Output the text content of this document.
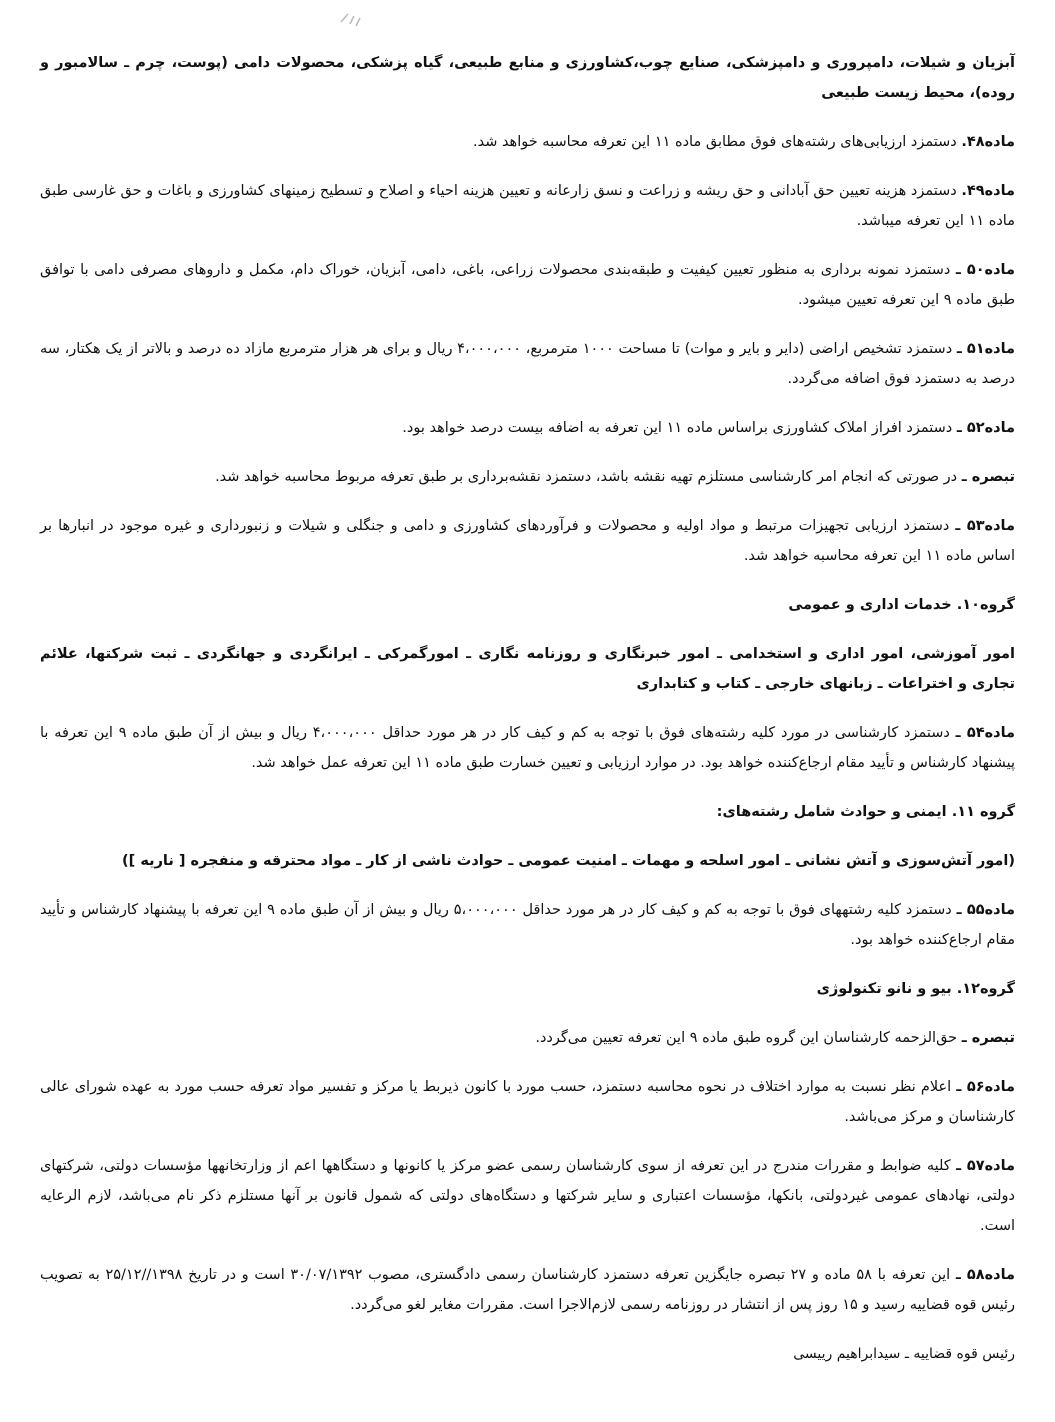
آبزیان و شیلات، دامپروری و دامپزشکی، صنایع چوب،کشاورزی و منابع طبیعی، گیاه پزشکی، محصولات دامی (پوست، چرم ـ سالامبور و روده)، محیط زیست طبیعی

ماده۴۸. دستمزد ارزیابی‌های رشته‌های فوق مطابق ماده ۱۱ این تعرفه محاسبه خواهد شد.

ماده۴۹. دستمزد هزینه تعیین حق آبادانی و حق ریشه و زراعت و نسق زارعانه و تعیین هزینه احیاء و اصلاح و تسطیح زمینهای کشاورزی و باغات و حق غارسی طبق ماده ۱۱ این تعرفه میباشد.

ماده۵۰ ـ دستمزد نمونه برداری به منظور تعیین کیفیت و طبقه‌بندی محصولات زراعی، باغی، دامی، آبزیان، خوراک دام، مکمل و داروهای مصرفی دامی با توافق طبق ماده ۹ این تعرفه تعیین میشود.

ماده۵۱ ـ دستمزد تشخیص اراضی (دایر و بایر و موات) تا مساحت ۱۰۰۰ مترمربع، ۴،۰۰۰،۰۰۰ ریال و برای هر هزار مترمربع مازاد ده درصد و بالاتر از یک هکتار، سه درصد به دستمزد فوق اضافه می‌گردد.

ماده۵۲ ـ دستمزد افراز املاک کشاورزی براساس ماده ۱۱ این تعرفه به اضافه بیست درصد خواهد بود.

تبصره ـ در صورتی که انجام امر کارشناسی مستلزم تهیه نقشه باشد، دستمزد نقشه‌برداری بر طبق تعرفه مربوط محاسبه خواهد شد.

ماده۵۳ ـ دستمزد ارزیابی تجهیزات مرتبط و مواد اولیه و محصولات و فرآوردهای کشاورزی و دامی و جنگلی و شیلات و زنبورداری و غیره موجود در انبارها بر اساس ماده ۱۱ این تعرفه محاسبه خواهد شد.

گروه۱۰. خدمات اداری و عمومی

امور آموزشی، امور اداری و استخدامی ـ امور خبرنگاری و روزنامه نگاری ـ امورگمرکی ـ ایرانگردی و جهانگردی ـ ثبت شرکتها، علائم تجاری و اختراعات ـ زبانهای خارجی ـ کتاب و کتابداری

ماده۵۴ ـ دستمزد کارشناسی در مورد کلیه رشته‌های فوق با توجه به کم و کیف کار در هر مورد حداقل ۴،۰۰۰،۰۰۰ ریال و بیش از آن طبق ماده ۹ این تعرفه با پیشنهاد کارشناس و تأیید مقام ارجاع‌کننده خواهد بود. در موارد ارزیابی و تعیین خسارت طبق ماده ۱۱ این تعرفه عمل خواهد شد.

گروه ۱۱. ایمنی و حوادث شامل رشته‌های:

(امور آتش‌سوزی و آتش نشانی ـ امور اسلحه و مهمات ـ امنیت عمومی ـ حوادث ناشی از کار ـ مواد محترقه و منفجره [ ناریه ])

ماده۵۵ ـ دستمزد کلیه رشتههای فوق با توجه به کم و کیف کار در هر مورد حداقل ۵،۰۰۰،۰۰۰ ریال و بیش از آن طبق ماده ۹ این تعرفه با پیشنهاد کارشناس و تأیید مقام ارجاع‌کننده خواهد بود.

گروه۱۲. بیو و نانو تکنولوژی

تبصره ـ حق‌الزحمه کارشناسان این گروه طبق ماده ۹ این تعرفه تعیین می‌گردد.

ماده۵۶ ـ اعلام نظر نسبت به موارد اختلاف در نحوه محاسبه دستمزد، حسب مورد با کانون ذیربط یا مرکز و تفسیر مواد تعرفه حسب مورد به عهده شورای عالی کارشناسان و مرکز می‌باشد.

ماده۵۷ ـ کلیه ضوابط و مقررات مندرج در این تعرفه از سوی کارشناسان رسمی عضو مرکز یا کانونها و دستگاهها اعم از وزارتخانهها مؤسسات دولتی، شرکتهای دولتی، نهادهای عمومی غیردولتی، بانکها، مؤسسات اعتباری و سایر شرکتها و دستگاه‌های دولتی که شمول قانون بر آنها مستلزم ذکر نام می‌باشد، لازم الرعایه است.

ماده۵۸ ـ این تعرفه با ۵۸ ماده و ۲۷ تبصره جایگزین تعرفه دستمزد کارشناسان رسمی دادگستری، مصوب ۳۰/۰۷/۱۳۹۲ است و در تاریخ ۱۳۹۸//۲۵/۱۲ به تصویب رئیس قوه قضاییه رسید و ۱۵ روز پس از انتشار در روزنامه رسمی لازم‌الاجرا است. مقررات مغایر لغو می‌گردد.

رئیس قوه قضاییه ـ سیدابراهیم رییسی
